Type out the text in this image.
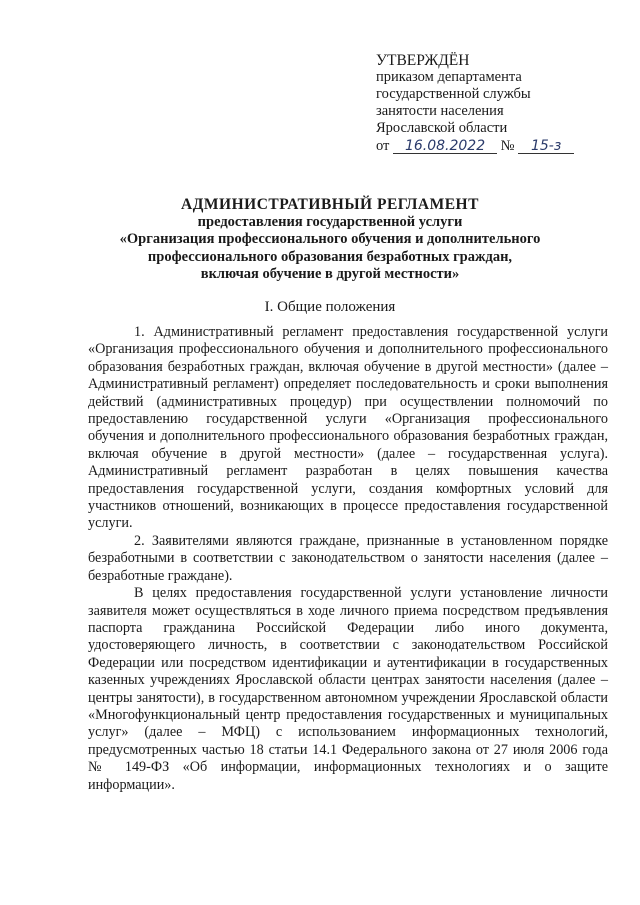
УТВЕРЖДЁН
приказом департамента
государственной службы
занятости населения
Ярославской области
от 16.08.2022 № 15-з
АДМИНИСТРАТИВНЫЙ РЕГЛАМЕНТ
предоставления государственной услуги
«Организация профессионального обучения и дополнительного
профессионального образования безработных граждан,
включая обучение в другой местности»
I. Общие положения

1. Административный регламент предоставления государственной услуги «Организация профессионального обучения и дополнительного профессионального образования безработных граждан, включая обучение в другой местности» (далее – Административный регламент) определяет последовательность и сроки выполнения действий (административных процедур) при осуществлении полномочий по предоставлению государственной услуги «Организация профессионального обучения и дополнительного профессионального образования безработных граждан, включая обучение в другой местности» (далее – государственная услуга). Административный регламент разработан в целях повышения качества предоставления государственной услуги, создания комфортных условий для участников отношений, возникающих в процессе предоставления государственной услуги.

2. Заявителями являются граждане, признанные в установленном порядке безработными в соответствии с законодательством о занятости населения (далее – безработные граждане).

В целях предоставления государственной услуги установление личности заявителя может осуществляться в ходе личного приема посредством предъявления паспорта гражданина Российской Федерации либо иного документа, удостоверяющего личность, в соответствии с законодательством Российской Федерации или посредством идентификации и аутентификации в государственных казенных учреждениях Ярославской области центрах занятости населения (далее – центры занятости), в государственном автономном учреждении Ярославской области «Многофункциональный центр предоставления государственных и муниципальных услуг» (далее – МФЦ) с использованием информационных технологий, предусмотренных частью 18 статьи 14.1 Федерального закона от 27 июля 2006 года № 149-ФЗ «Об информации, информационных технологиях и о защите информации».
